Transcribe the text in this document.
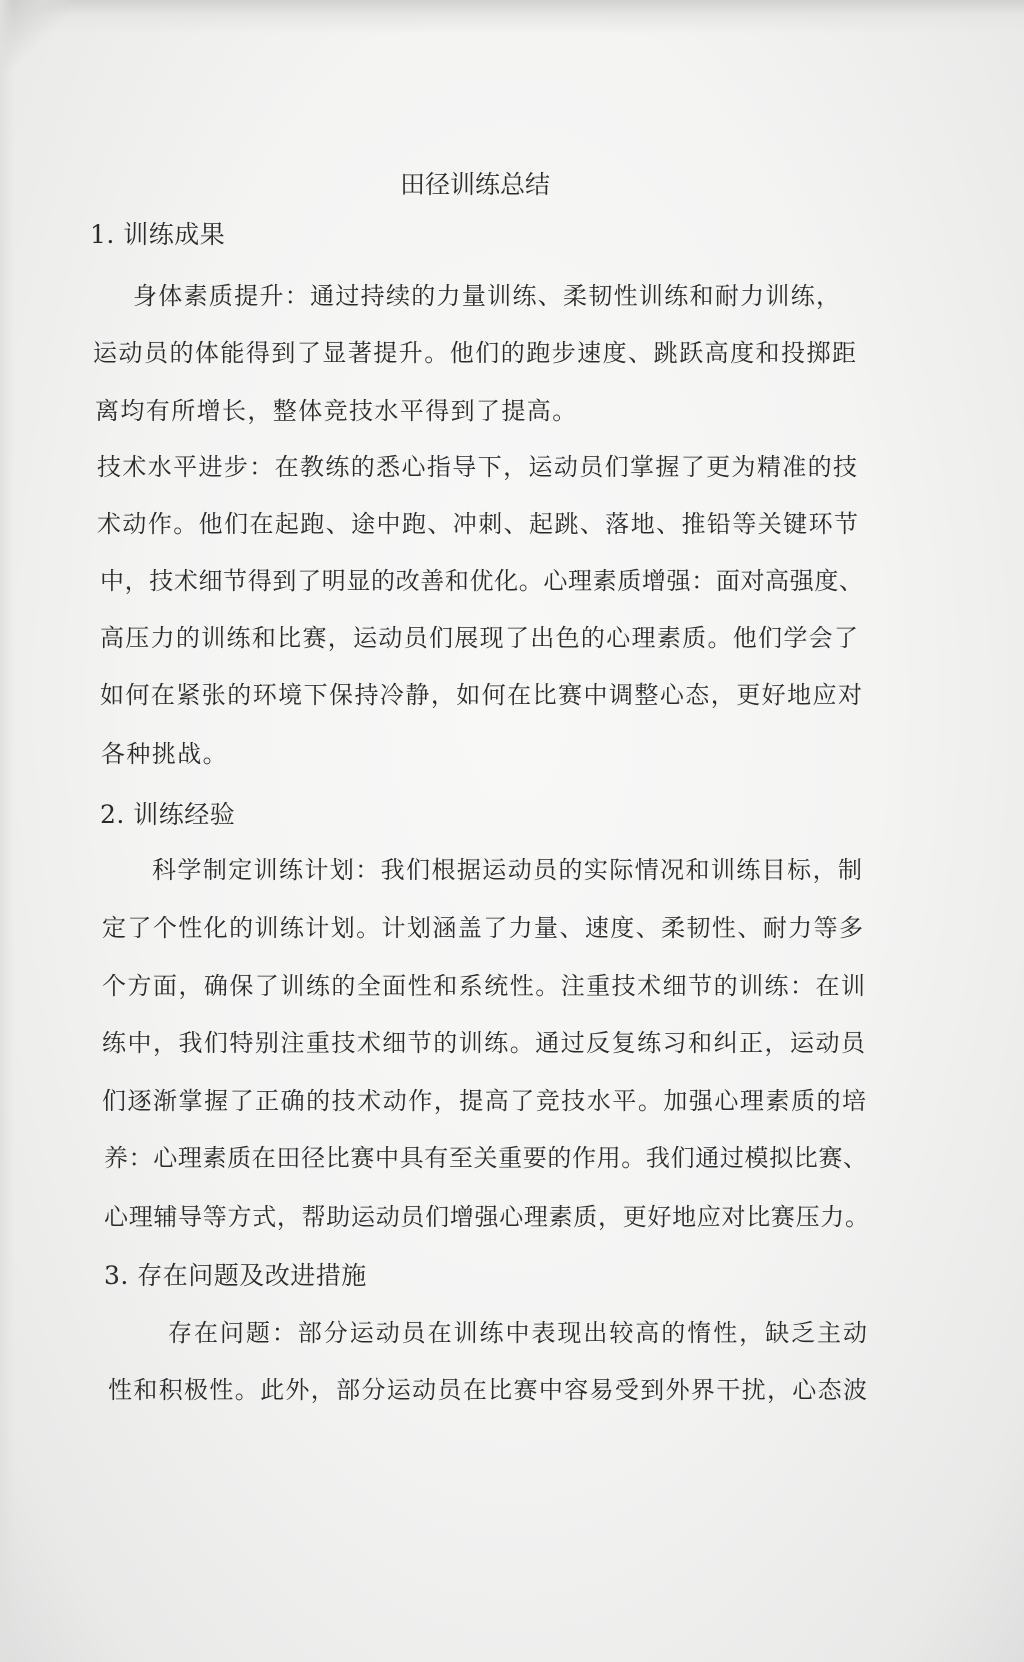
田径训练总结
1. 训练成果
身体素质提升：通过持续的力量训练、柔韧性训练和耐力训练，
运动员的体能得到了显著提升。他们的跑步速度、跳跃高度和投掷距
离均有所增长，整体竞技水平得到了提高。
技术水平进步：在教练的悉心指导下，运动员们掌握了更为精准的技
术动作。他们在起跑、途中跑、冲刺、起跳、落地、推铅等关键环节
中，技术细节得到了明显的改善和优化。心理素质增强：面对高强度、
高压力的训练和比赛，运动员们展现了出色的心理素质。他们学会了
如何在紧张的环境下保持冷静，如何在比赛中调整心态，更好地应对
各种挑战。
2. 训练经验
科学制定训练计划：我们根据运动员的实际情况和训练目标，制
定了个性化的训练计划。计划涵盖了力量、速度、柔韧性、耐力等多
个方面，确保了训练的全面性和系统性。注重技术细节的训练：在训
练中，我们特别注重技术细节的训练。通过反复练习和纠正，运动员
们逐渐掌握了正确的技术动作，提高了竞技水平。加强心理素质的培
养：心理素质在田径比赛中具有至关重要的作用。我们通过模拟比赛、
心理辅导等方式，帮助运动员们增强心理素质，更好地应对比赛压力。
3. 存在问题及改进措施
存在问题：部分运动员在训练中表现出较高的惰性，缺乏主动
性和积极性。此外，部分运动员在比赛中容易受到外界干扰，心态波
